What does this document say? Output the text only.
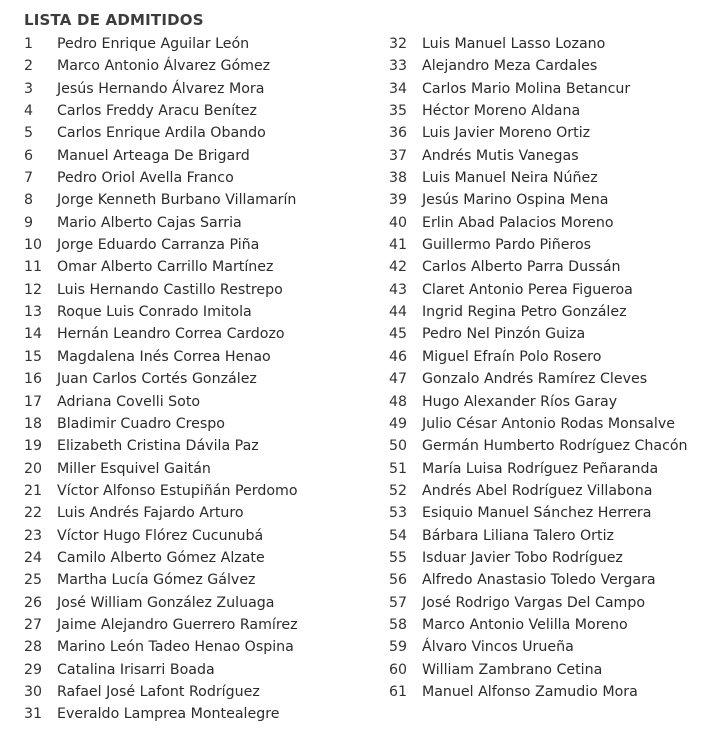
LISTA DE ADMITIDOS
1 Pedro Enrique Aguilar León
2 Marco Antonio Álvarez Gómez
3 Jesús Hernando Álvarez Mora
4 Carlos Freddy Aracu Benítez
5 Carlos Enrique Ardila Obando
6 Manuel Arteaga De Brigard
7 Pedro Oriol Avella Franco
8 Jorge Kenneth Burbano Villamarín
9 Mario Alberto Cajas Sarria
10 Jorge Eduardo Carranza Piña
11 Omar Alberto Carrillo Martínez
12 Luis Hernando Castillo Restrepo
13 Roque Luis Conrado Imitola
14 Hernán Leandro Correa Cardozo
15 Magdalena Inés Correa Henao
16 Juan Carlos Cortés González
17 Adriana Covelli Soto
18 Bladimir Cuadro Crespo
19 Elizabeth Cristina Dávila Paz
20 Miller Esquivel Gaitán
21 Víctor Alfonso Estupiñán Perdomo
22 Luis Andrés Fajardo Arturo
23 Víctor Hugo Flórez Cucunubá
24 Camilo Alberto Gómez Alzate
25 Martha Lucía Gómez Gálvez
26 José William González Zuluaga
27 Jaime Alejandro Guerrero Ramírez
28 Marino León Tadeo Henao Ospina
29 Catalina Irisarri Boada
30 Rafael José Lafont Rodríguez
31 Everaldo Lamprea Montealegre
32 Luis Manuel Lasso Lozano
33 Alejandro Meza Cardales
34 Carlos Mario Molina Betancur
35 Héctor Moreno Aldana
36 Luis Javier Moreno Ortiz
37 Andrés Mutis Vanegas
38 Luis Manuel Neira Núñez
39 Jesús Marino Ospina Mena
40 Erlin Abad Palacios Moreno
41 Guillermo Pardo Piñeros
42 Carlos Alberto Parra Dussán
43 Claret Antonio Perea Figueroa
44 Ingrid Regina Petro González
45 Pedro Nel Pinzón Guiza
46 Miguel Efraín Polo Rosero
47 Gonzalo Andrés Ramírez Cleves
48 Hugo Alexander Ríos Garay
49 Julio César Antonio Rodas Monsalve
50 Germán Humberto Rodríguez Chacón
51 María Luisa Rodríguez Peñaranda
52 Andrés Abel Rodríguez Villabona
53 Esiquio Manuel Sánchez Herrera
54 Bárbara Liliana Talero Ortiz
55 Isduar Javier Tobo Rodríguez
56 Alfredo Anastasio Toledo Vergara
57 José Rodrigo Vargas Del Campo
58 Marco Antonio Velilla Moreno
59 Álvaro Vincos Urueña
60 William Zambrano Cetina
61 Manuel Alfonso Zamudio Mora
